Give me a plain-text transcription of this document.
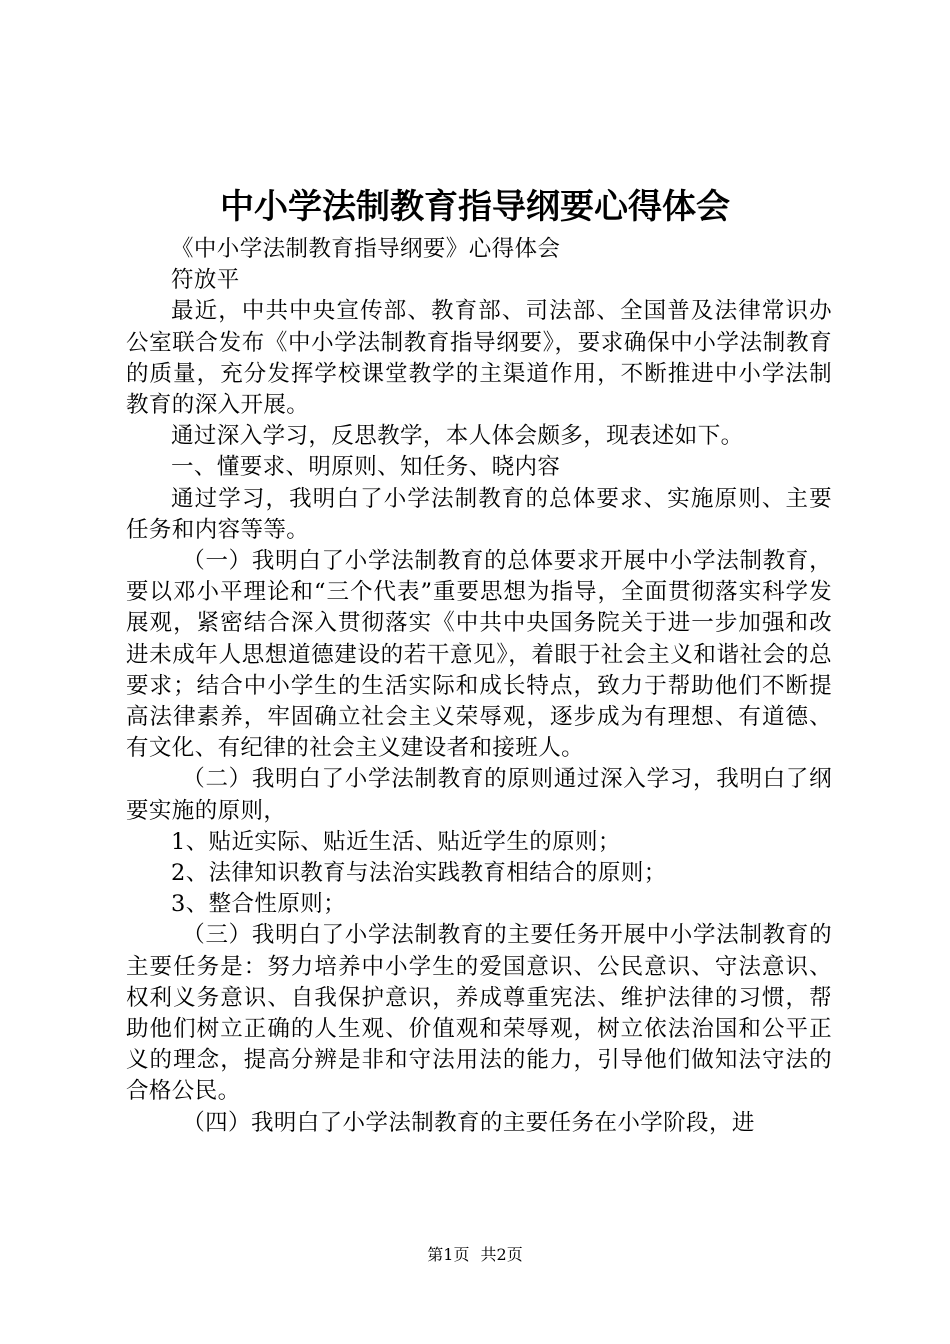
中小学法制教育指导纲要心得体会

《中小学法制教育指导纲要》心得体会

符放平

最近，中共中央宣传部、教育部、司法部、全国普及法律常识办公室联合发布《中小学法制教育指导纲要》，要求确保中小学法制教育的质量，充分发挥学校课堂教学的主渠道作用，不断推进中小学法制教育的深入开展。

通过深入学习，反思教学，本人体会颇多，现表述如下。

一、懂要求、明原则、知任务、晓内容

通过学习，我明白了小学法制教育的总体要求、实施原则、主要任务和内容等等。

（一）我明白了小学法制教育的总体要求开展中小学法制教育，要以邓小平理论和“三个代表”重要思想为指导，全面贯彻落实科学发展观，紧密结合深入贯彻落实《中共中央国务院关于进一步加强和改进未成年人思想道德建设的若干意见》，着眼于社会主义和谐社会的总要求；结合中小学生的生活实际和成长特点，致力于帮助他们不断提高法律素养，牢固确立社会主义荣辱观，逐步成为有理想、有道德、有文化、有纪律的社会主义建设者和接班人。

（二）我明白了小学法制教育的原则通过深入学习，我明白了纲要实施的原则，

1、贴近实际、贴近生活、贴近学生的原则；

2、法律知识教育与法治实践教育相结合的原则；

3、整合性原则；

（三）我明白了小学法制教育的主要任务开展中小学法制教育的主要任务是：努力培养中小学生的爱国意识、公民意识、守法意识、权利义务意识、自我保护意识，养成尊重宪法、维护法律的习惯，帮助他们树立正确的人生观、价值观和荣辱观，树立依法治国和公平正义的理念，提高分辨是非和守法用法的能力，引导他们做知法守法的合格公民。

（四）我明白了小学法制教育的主要任务在小学阶段，进

第1页 共2页
